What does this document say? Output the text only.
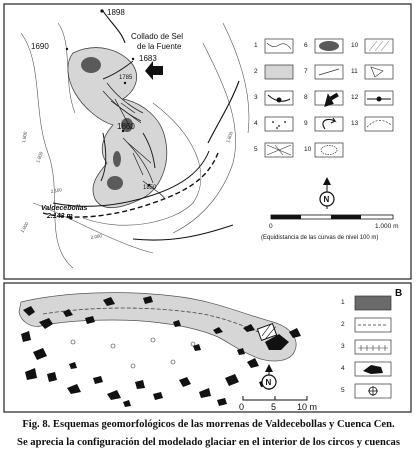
1898
1690
1683
1785
1860
1850
Collado de Sel
de la Fuente
Valdecebollas
2.143 m
1.800
1.900
1.800
2.100
2.000
1.800
1	6	10
2	7	11
3	8	12
4	9	13
5	10
N
0	1.000 m
(Equidistancia de las curvas de nivel 100 m)
B
1
2
3
4
5
N
0	5 10 m
Fig. 8. Esquemas geomorfológicos de las morrenas de Valdecebollas y Cuenca Cen.
Se aprecia la configuración del modelado glaciar en el interior de los circos y cuencas
